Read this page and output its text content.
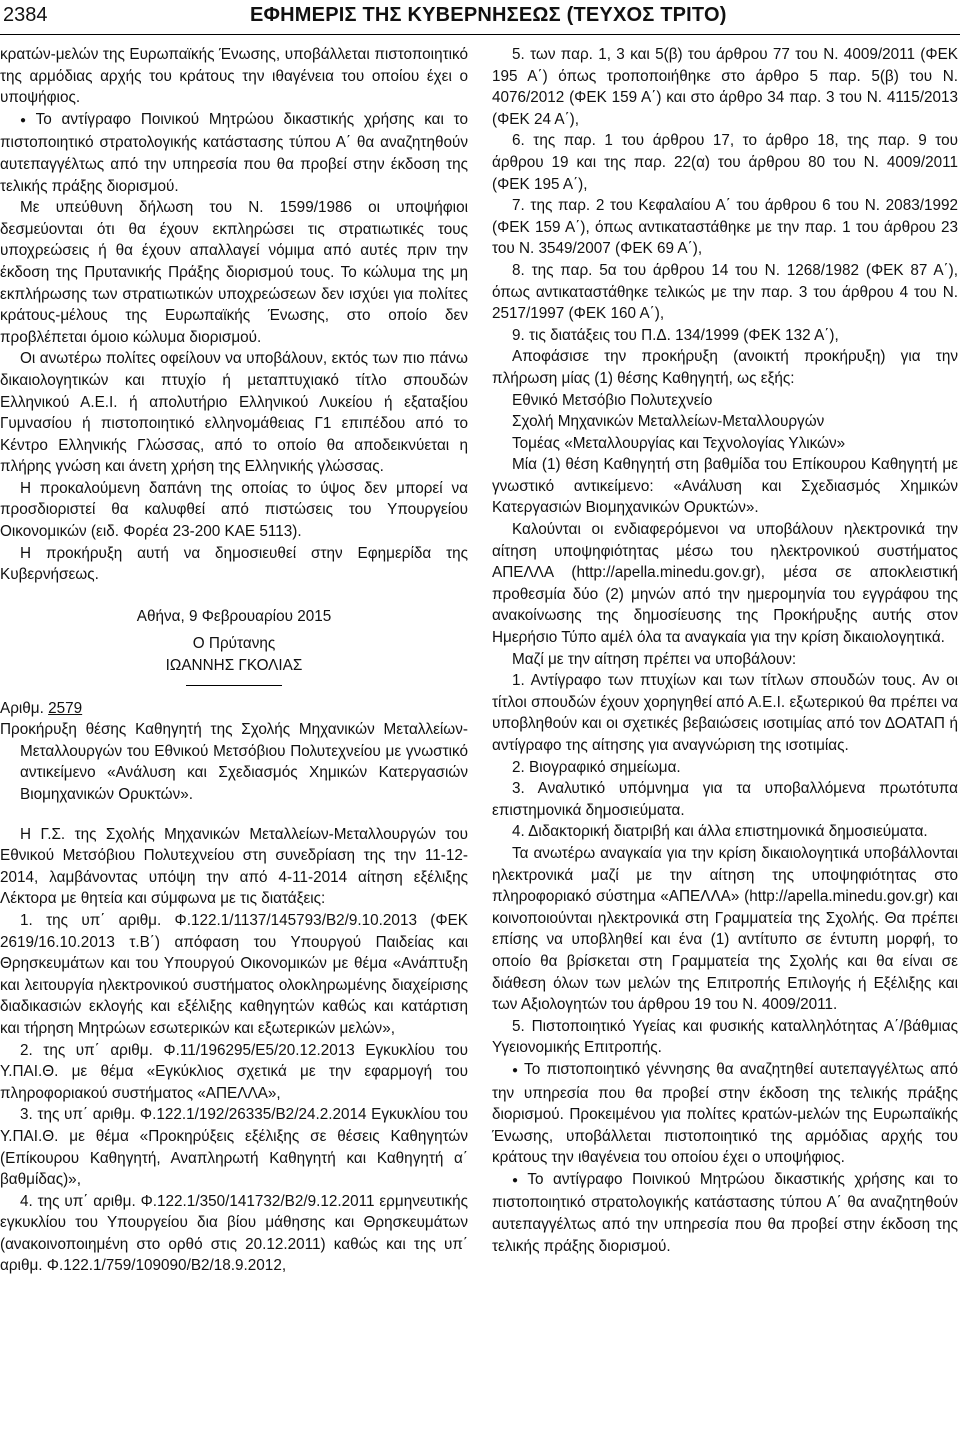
2384	ΕΦΗΜΕΡΙΣ ΤΗΣ ΚΥΒΕΡΝΗΣΕΩΣ (ΤΕΥΧΟΣ ΤΡΙΤΟ)

κρατών-μελών της Ευρωπαϊκής Ένωσης, υποβάλλεται πιστοποιητικό της αρμόδιας αρχής του κράτους την ιθαγένεια του οποίου έχει ο υποψήφιος.

● Το αντίγραφο Ποινικού Μητρώου δικαστικής χρήσης και το πιστοποιητικό στρατολογικής κατάστασης τύπου Α΄ θα αναζητηθούν αυτεπαγγέλτως από την υπηρεσία που θα προβεί στην έκδοση της τελικής πράξης διορισμού.

Με υπεύθυνη δήλωση του Ν. 1599/1986 οι υποψήφιοι δεσμεύονται ότι θα έχουν εκπληρώσει τις στρατιωτικές τους υποχρεώσεις ή θα έχουν απαλλαγεί νόμιμα από αυτές πριν την έκδοση της Πρυτανικής Πράξης διορισμού τους. Το κώλυμα της μη εκπλήρωσης των στρατιωτικών υποχρεώσεων δεν ισχύει για πολίτες κράτους-μέλους της Ευρωπαϊκής Ένωσης, στο οποίο δεν προβλέπεται όμοιο κώλυμα διορισμού.

Οι ανωτέρω πολίτες οφείλουν να υποβάλουν, εκτός των πιο πάνω δικαιολογητικών και πτυχίο ή μεταπτυχιακό τίτλο σπουδών Ελληνικού Α.Ε.Ι. ή απολυτήριο Ελληνικού Λυκείου ή εξαταξίου Γυμνασίου ή πιστοποιητικό ελληνομάθειας Γ1 επιπέδου από το Κέντρο Ελληνικής Γλώσσας, από το οποίο θα αποδεικνύεται η πλήρης γνώση και άνετη χρήση της Ελληνικής γλώσσας.

Η προκαλούμενη δαπάνη της οποίας το ύψος δεν μπορεί να προσδιοριστεί θα καλυφθεί από πιστώσεις του Υπουργείου Οικονομικών (ειδ. Φορέα 23-200 ΚΑΕ 5113).

Η προκήρυξη αυτή να δημοσιευθεί στην Εφημερίδα της Κυβερνήσεως.

Αθήνα, 9 Φεβρουαρίου 2015

Ο Πρύτανης

ΙΩΑΝΝΗΣ ΓΚΟΛΙΑΣ

Αριθμ. 2579

Προκήρυξη θέσης Καθηγητή της Σχολής Μηχανικών Μεταλλείων-Μεταλλουργών του Εθνικού Μετσόβιου Πολυτεχνείου με γνωστικό αντικείμενο «Ανάλυση και Σχεδιασμός Χημικών Κατεργασιών Βιομηχανικών Ορυκτών».

Η Γ.Σ. της Σχολής Μηχανικών Μεταλλείων-Μεταλλουργών του Εθνικού Μετσόβιου Πολυτεχνείου στη συνεδρίαση της την 11-12-2014, λαμβάνοντας υπόψη την από 4-11-2014 αίτηση εξέλιξης Λέκτορα με θητεία και σύμφωνα με τις διατάξεις:

1. της υπ΄ αριθμ. Φ.122.1/1137/145793/Β2/9.10.2013 (ΦΕΚ 2619/16.10.2013 τ.Β΄) απόφαση του Υπουργού Παιδείας και Θρησκευμάτων και του Υπουργού Οικονομικών με θέμα «Ανάπτυξη και λειτουργία ηλεκτρονικού συστήματος ολοκληρωμένης διαχείρισης διαδικασιών εκλογής και εξέλιξης καθηγητών καθώς και κατάρτιση και τήρηση Μητρώων εσωτερικών και εξωτερικών μελών»,

2. της υπ΄ αριθμ. Φ.11/196295/Ε5/20.12.2013 Εγκυκλίου του Υ.ΠΑΙ.Θ. με θέμα «Εγκύκλιος σχετικά με την εφαρμογή του πληροφοριακού συστήματος «ΑΠΕΛΛΑ»,

3. της υπ΄ αριθμ. Φ.122.1/192/26335/Β2/24.2.2014 Εγκυκλίου του Υ.ΠΑΙ.Θ. με θέμα «Προκηρύξεις εξέλιξης σε θέσεις Καθηγητών (Επίκουρου Καθηγητή, Αναπληρωτή Καθηγητή και Καθηγητή α΄ βαθμίδας)»,

4. της υπ΄ αριθμ. Φ.122.1/350/141732/Β2/9.12.2011 ερμηνευτικής εγκυκλίου του Υπουργείου δια βίου μάθησης και Θρησκευμάτων (ανακοινοποιημένη στο ορθό στις 20.12.2011) καθώς και της υπ΄ αριθμ. Φ.122.1/759/109090/Β2/18.9.2012,

5. των παρ. 1, 3 και 5(β) του άρθρου 77 του Ν. 4009/2011 (ΦΕΚ 195 Α΄) όπως τροποποιήθηκε στο άρθρο 5 παρ. 5(β) του Ν. 4076/2012 (ΦΕΚ 159 Α΄) και στο άρθρο 34 παρ. 3 του Ν. 4115/2013 (ΦΕΚ 24 Α΄),

6. της παρ. 1 του άρθρου 17, το άρθρο 18, της παρ. 9 του άρθρου 19 και της παρ. 22(α) του άρθρου 80 του Ν. 4009/2011 (ΦΕΚ 195 Α΄),

7. της παρ. 2 του Κεφαλαίου Α΄ του άρθρου 6 του Ν. 2083/1992 (ΦΕΚ 159 Α΄), όπως αντικαταστάθηκε με την παρ. 1 του άρθρου 23 του Ν. 3549/2007 (ΦΕΚ 69 Α΄),

8. της παρ. 5α του άρθρου 14 του Ν. 1268/1982 (ΦΕΚ 87 Α΄), όπως αντικαταστάθηκε τελικώς με την παρ. 3 του άρθρου 4 του Ν. 2517/1997 (ΦΕΚ 160 Α΄),

9. τις διατάξεις του Π.Δ. 134/1999 (ΦΕΚ 132 Α΄),

Αποφάσισε την προκήρυξη (ανοικτή προκήρυξη) για την πλήρωση μίας (1) θέσης Καθηγητή, ως εξής:

Εθνικό Μετσόβιο Πολυτεχνείο

Σχολή Μηχανικών Μεταλλείων-Μεταλλουργών

Τομέας «Μεταλλουργίας και Τεχνολογίας Υλικών»

Μία (1) θέση Καθηγητή στη βαθμίδα του Επίκουρου Καθηγητή με γνωστικό αντικείμενο: «Ανάλυση και Σχεδιασμός Χημικών Κατεργασιών Βιομηχανικών Ορυκτών».

Καλούνται οι ενδιαφερόμενοι να υποβάλουν ηλεκτρονικά την αίτηση υποψηφιότητας μέσω του ηλεκτρονικού συστήματος ΑΠΕΛΛΑ (http://apella.minedu.gov.gr), μέσα σε αποκλειστική προθεσμία δύο (2) μηνών από την ημερομηνία του εγγράφου της ανακοίνωσης της δημοσίευσης της Προκήρυξης αυτής στον Ημερήσιο Τύπο αμέλ όλα τα αναγκαία για την κρίση δικαιολογητικά.

Μαζί με την αίτηση πρέπει να υποβάλουν:

1. Αντίγραφο των πτυχίων και των τίτλων σπουδών τους. Αν οι τίτλοι σπουδών έχουν χορηγηθεί από Α.Ε.Ι. εξωτερικού θα πρέπει να υποβληθούν και οι σχετικές βεβαιώσεις ισοτιμίας από τον ΔΟΑΤΑΠ ή αντίγραφο της αίτησης για αναγνώριση της ισοτιμίας.

2. Βιογραφικό σημείωμα.

3. Αναλυτικό υπόμνημα για τα υποβαλλόμενα πρωτότυπα επιστημονικά δημοσιεύματα.

4. Διδακτορική διατριβή και άλλα επιστημονικά δημοσιεύματα.

Τα ανωτέρω αναγκαία για την κρίση δικαιολογητικά υποβάλλονται ηλεκτρονικά μαζί με την αίτηση της υποψηφιότητας στο πληροφοριακό σύστημα «ΑΠΕΛΛΑ» (http://apella.minedu.gov.gr) και κοινοποιούνται ηλεκτρονικά στη Γραμματεία της Σχολής. Θα πρέπει επίσης να υποβληθεί και ένα (1) αντίτυπο σε έντυπη μορφή, το οποίο θα βρίσκεται στη Γραμματεία της Σχολής και θα είναι σε διάθεση όλων των μελών της Επιτροπής Επιλογής ή Εξέλιξης και των Αξιολογητών του άρθρου 19 του Ν. 4009/2011.

5. Πιστοποιητικό Υγείας και φυσικής καταλληλότητας Α΄/βάθμιας Υγειονομικής Επιτροπής.

● Το πιστοποιητικό γέννησης θα αναζητηθεί αυτεπαγγέλτως από την υπηρεσία που θα προβεί στην έκδοση της τελικής πράξης διορισμού. Προκειμένου για πολίτες κρατών-μελών της Ευρωπαϊκής Ένωσης, υποβάλλεται πιστοποιητικό της αρμόδιας αρχής του κράτους την ιθαγένεια του οποίου έχει ο υποψήφιος.

● Το αντίγραφο Ποινικού Μητρώου δικαστικής χρήσης και το πιστοποιητικό στρατολογικής κατάστασης τύπου Α΄ θα αναζητηθούν αυτεπαγγέλτως από την υπηρεσία που θα προβεί στην έκδοση της τελικής πράξης διορισμού.
